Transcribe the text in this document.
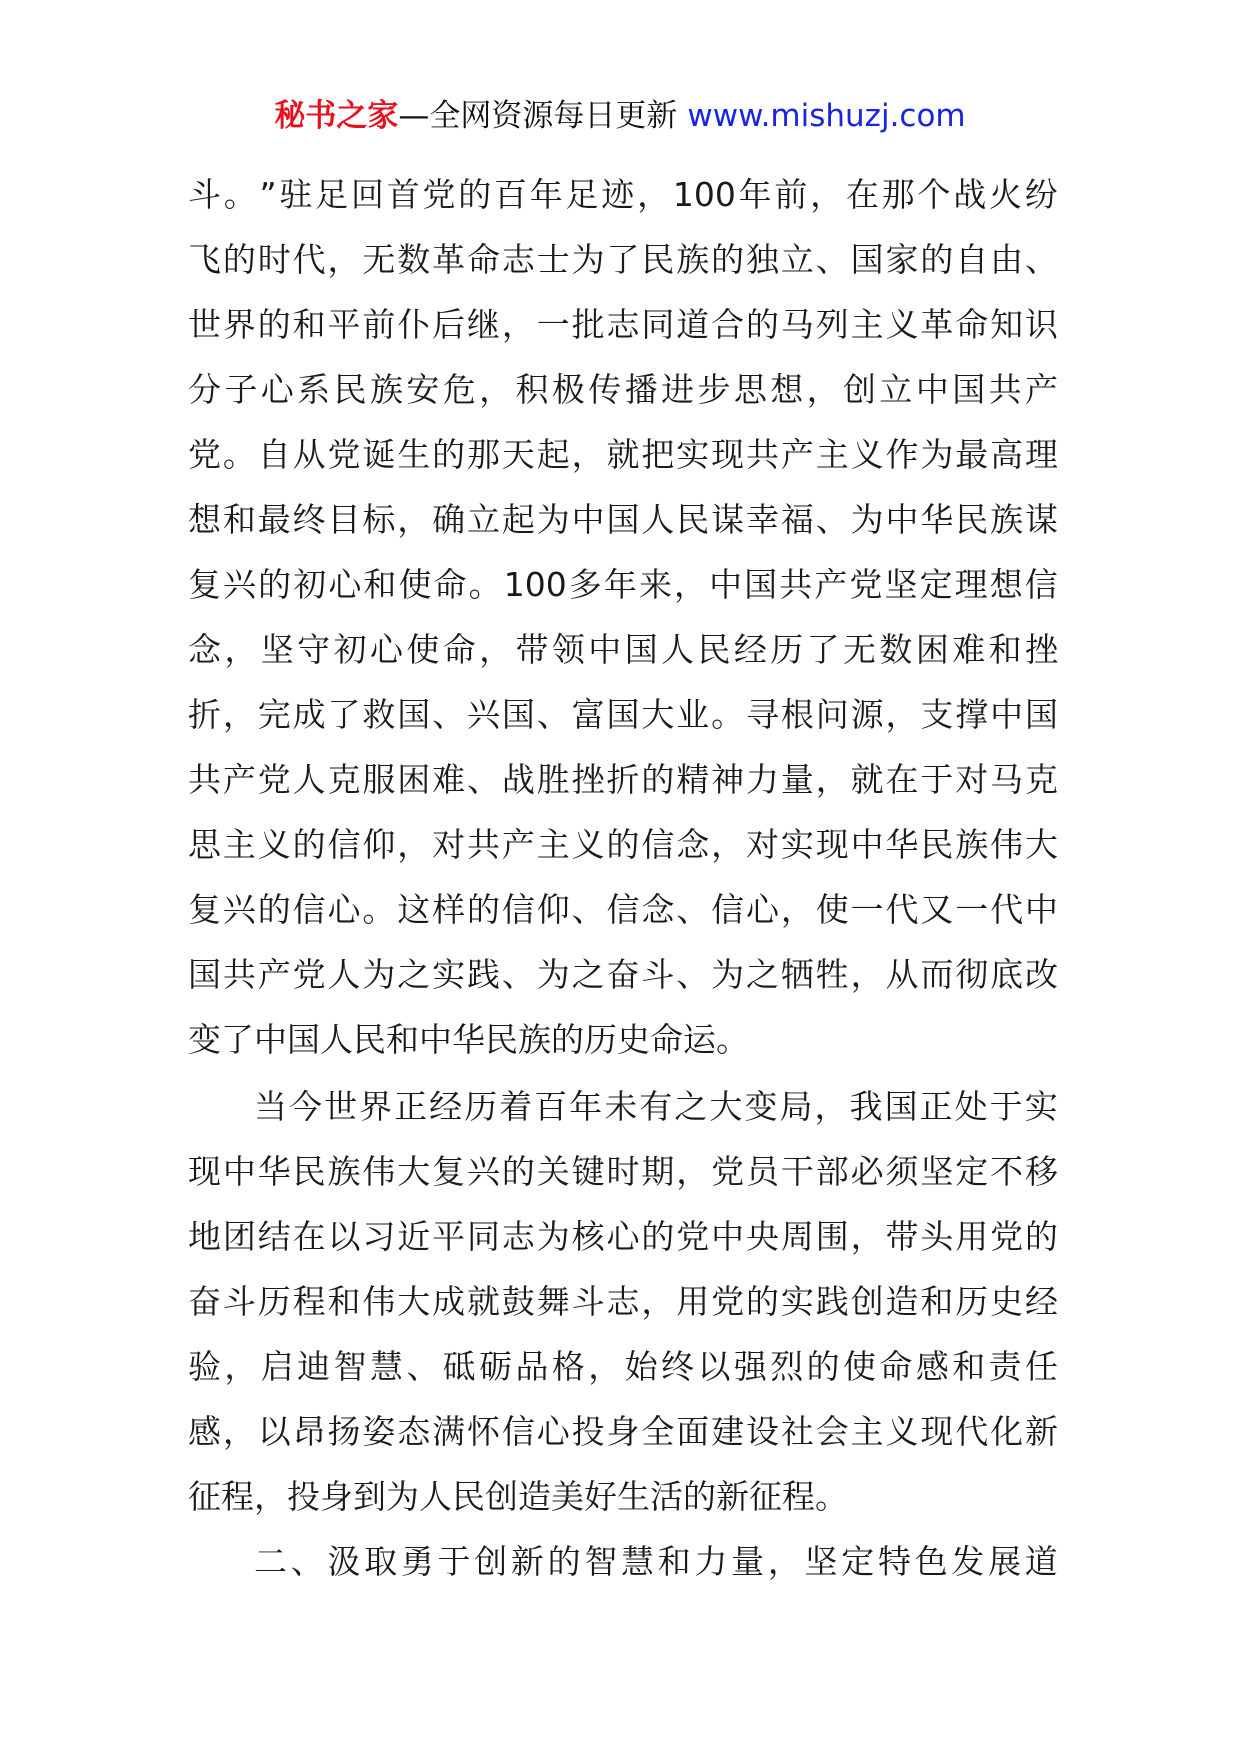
秘书之家—全网资源每日更新 www.mishuzj.com
斗 。 ” 驻 足 回 首 党 的 百 年 足 迹 ， 100 年 前 ， 在 那 个 战 火 纷
飞 的 时 代 ， 无 数 革 命 志 士 为 了 民 族 的 独 立 、 国 家 的 自 由 、
世 界 的 和 平 前 仆 后 继 ， 一 批 志 同 道 合 的 马 列 主 义 革 命 知 识
分 子 心 系 民 族 安 危 ， 积 极 传 播 进 步 思 想 ， 创 立 中 国 共 产
党 。 自 从 党 诞 生 的 那 天 起 ， 就 把 实 现 共 产 主 义 作 为 最 高 理
想 和 最 终 目 标 ， 确 立 起 为 中 国 人 民 谋 幸 福 、 为 中 华 民 族 谋
复 兴 的 初 心 和 使 命 。 100 多 年 来 ， 中 国 共 产 党 坚 定 理 想 信
念 ， 坚 守 初 心 使 命 ， 带 领 中 国 人 民 经 历 了 无 数 困 难 和 挫
折 ， 完 成 了 救 国 、 兴 国 、 富 国 大 业 。 寻 根 问 源 ， 支 撑 中 国
共 产 党 人 克 服 困 难 、 战 胜 挫 折 的 精 神 力 量 ， 就 在 于 对 马 克
思 主 义 的 信 仰 ， 对 共 产 主 义 的 信 念 ， 对 实 现 中 华 民 族 伟 大
复 兴 的 信 心 。 这 样 的 信 仰 、 信 念 、 信 心 ， 使 一 代 又 一 代 中
国 共 产 党 人 为 之 实 践 、 为 之 奋 斗 、 为 之 牺 牲 ， 从 而 彻 底 改
变了中国人民和中华民族的历史命运。
当 今 世 界 正 经 历 着 百 年 未 有 之 大 变 局 ， 我 国 正 处 于 实
现 中 华 民 族 伟 大 复 兴 的 关 键 时 期 ， 党 员 干 部 必 须 坚 定 不 移
地 团 结 在 以 习 近 平 同 志 为 核 心 的 党 中 央 周 围 ， 带 头 用 党 的
奋 斗 历 程 和 伟 大 成 就 鼓 舞 斗 志 ， 用 党 的 实 践 创 造 和 历 史 经
验 ， 启 迪 智 慧 、 砥 砺 品 格 ， 始 终 以 强 烈 的 使 命 感 和 责 任
感 ， 以 昂 扬 姿 态 满 怀 信 心 投 身 全 面 建 设 社 会 主 义 现 代 化 新
征程，投身到为人民创造美好生活的新征程。
二 、 汲 取 勇 于 创 新 的 智 慧 和 力 量 ， 坚 定 特 色 发 展 道
